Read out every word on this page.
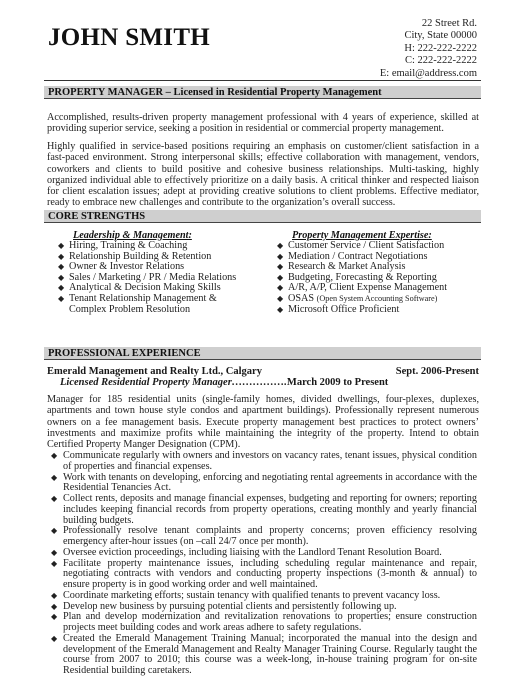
JOHN SMITH
22 Street Rd.
City, State 00000
H: 222-222-2222
C: 222-222-2222
E: email@address.com
PROPERTY MANAGER – Licensed in Residential Property Management
Accomplished, results-driven property management professional with 4 years of experience, skilled at providing superior service, seeking a position in residential or commercial property management.
Highly qualified in service-based positions requiring an emphasis on customer/client satisfaction in a fast-paced environment. Strong interpersonal skills; effective collaboration with management, vendors, coworkers and clients to build positive and cohesive business relationships. Multi-tasking, highly organized individual able to effectively prioritize on a daily basis. A critical thinker and respected liaison for client escalation issues; adept at providing creative solutions to client problems. Effective mediator, ready to embrace new challenges and contribute to the organization’s overall success.
CORE STRENGTHS
Leadership & Management:
◆ Hiring, Training & Coaching
◆ Relationship Building & Retention
◆ Owner & Investor Relations
◆ Sales / Marketing / PR / Media Relations
◆ Analytical & Decision Making Skills
◆ Tenant Relationship Management &
Complex Problem Resolution
Property Management Expertise:
◆ Customer Service / Client Satisfaction
◆ Mediation / Contract Negotiations
◆ Research & Market Analysis
◆ Budgeting, Forecasting & Reporting
◆ A/R, A/P, Client Expense Management
◆ OSAS (Open System Accounting Software)
◆ Microsoft Office Proficient
PROFESSIONAL EXPERIENCE
Emerald Management and Realty Ltd., Calgary	Sept. 2006-Present
Licensed Residential Property Manager…………….March 2009 to Present
Manager for 185 residential units (single-family homes, divided dwellings, four-plexes, duplexes, apartments and town house style condos and apartment buildings). Professionally represent numerous owners on a fee management basis. Execute property management best practices to protect owners’ investments and maximize profits while maintaining the integrity of the property. Intend to obtain Certified Property Manger Designation (CPM).
◆ Communicate regularly with owners and investors on vacancy rates, tenant issues, physical condition of properties and financial expenses.
◆ Work with tenants on developing, enforcing and negotiating rental agreements in accordance with the Residential Tenancies Act.
◆ Collect rents, deposits and manage financial expenses, budgeting and reporting for owners; reporting includes keeping financial records from property operations, creating monthly and yearly financial building budgets.
◆ Professionally resolve tenant complaints and property concerns; proven efficiency resolving emergency after-hour issues (on –call 24/7 once per month).
◆ Oversee eviction proceedings, including liaising with the Landlord Tenant Resolution Board.
◆ Facilitate property maintenance issues, including scheduling regular maintenance and repair, negotiating contracts with vendors and conducting property inspections (3-month & annual) to ensure property is in good working order and well maintained.
◆ Coordinate marketing efforts; sustain tenancy with qualified tenants to prevent vacancy loss.
◆ Develop new business by pursuing potential clients and persistently following up.
◆ Plan and develop modernization and revitalization renovations to properties; ensure construction projects meet building codes and work areas adhere to safety regulations.
◆ Created the Emerald Management Training Manual; incorporated the manual into the design and development of the Emerald Management and Realty Manager Training Course. Regularly taught the course from 2007 to 2010; this course was a week-long, in-house training program for on-site Residential building caretakers.
